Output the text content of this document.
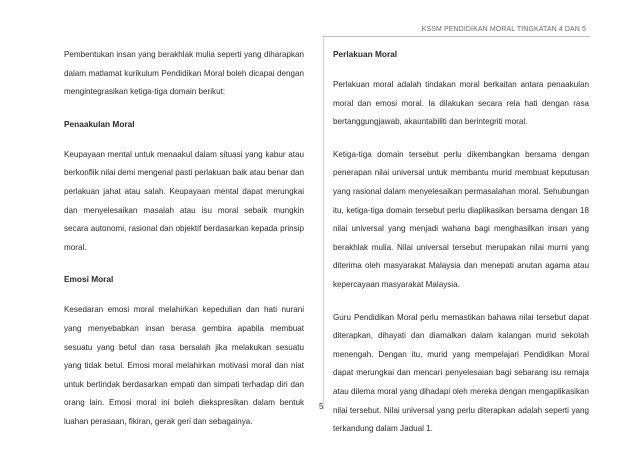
KSSM PENDIDIKAN MORAL TINGKATAN 4 DAN 5

Pembentukan insan yang berakhlak mulia seperti yang diharapkan dalam matlamat kurikulum Pendidikan Moral boleh dicapai dengan mengintegrasikan ketiga-tiga domain berikut:

Penaakulan Moral

Keupayaan mental untuk menaakul dalam situasi yang kabur atau berkonflik nilai demi mengenal pasti perlakuan baik atau benar dan perlakuan jahat atau salah. Keupayaan mental dapat merungkai dan menyelesaikan masalah atau isu moral sebaik mungkin secara autonomi, rasional dan objektif berdasarkan kepada prinsip moral.

Emosi Moral

Kesedaran emosi moral melahirkan kepedulian dan hati nurani yang menyebabkan insan berasa gembira apabila membuat sesuatu yang betul dan rasa bersalah jika melakukan sesuatu yang tidak betul. Emosi moral melahirkan motivasi moral dan niat untuk bertindak berdasarkan empati dan simpati terhadap diri dan orang lain. Emosi moral ini boleh diekspresikan dalam bentuk luahan perasaan, fikiran, gerak geri dan sebagainya.

Perlakuan Moral

Perlakuan moral adalah tindakan moral berkaitan antara penaakulan moral dan emosi moral. Ia dilakukan secara rela hati dengan rasa bertanggungjawab, akauntabiliti dan berintegriti moral.

Ketiga-tiga domain tersebut perlu dikembangkan bersama dengan penerapan nilai universal untuk membantu murid membuat keputusan yang rasional dalam menyelesaikan permasalahan moral. Sehubungan itu, ketiga-tiga domain tersebut perlu diaplikasikan bersama dengan 18 nilai universal yang menjadi wahana bagi menghasilkan insan yang berakhlak mulia. Nilai universal tersebut merupakan nilai murni yang diterima oleh masyarakat Malaysia dan menepati anutan agama atau kepercayaan masyarakat Malaysia.

Guru Pendidikan Moral perlu memastikan bahawa nilai tersebut dapat diterapkan, dihayati dan diamalkan dalam kalangan murid sekolah menengah. Dengan itu, murid yang mempelajari Pendidikan Moral dapat merungkai dan mencari penyelesaian bagi sebarang isu remaja atau dilema moral yang dihadapi oleh mereka dengan mengaplikasikan nilai tersebut. Nilai universal yang perlu diterapkan adalah seperti yang terkandung dalam Jadual 1.

5
